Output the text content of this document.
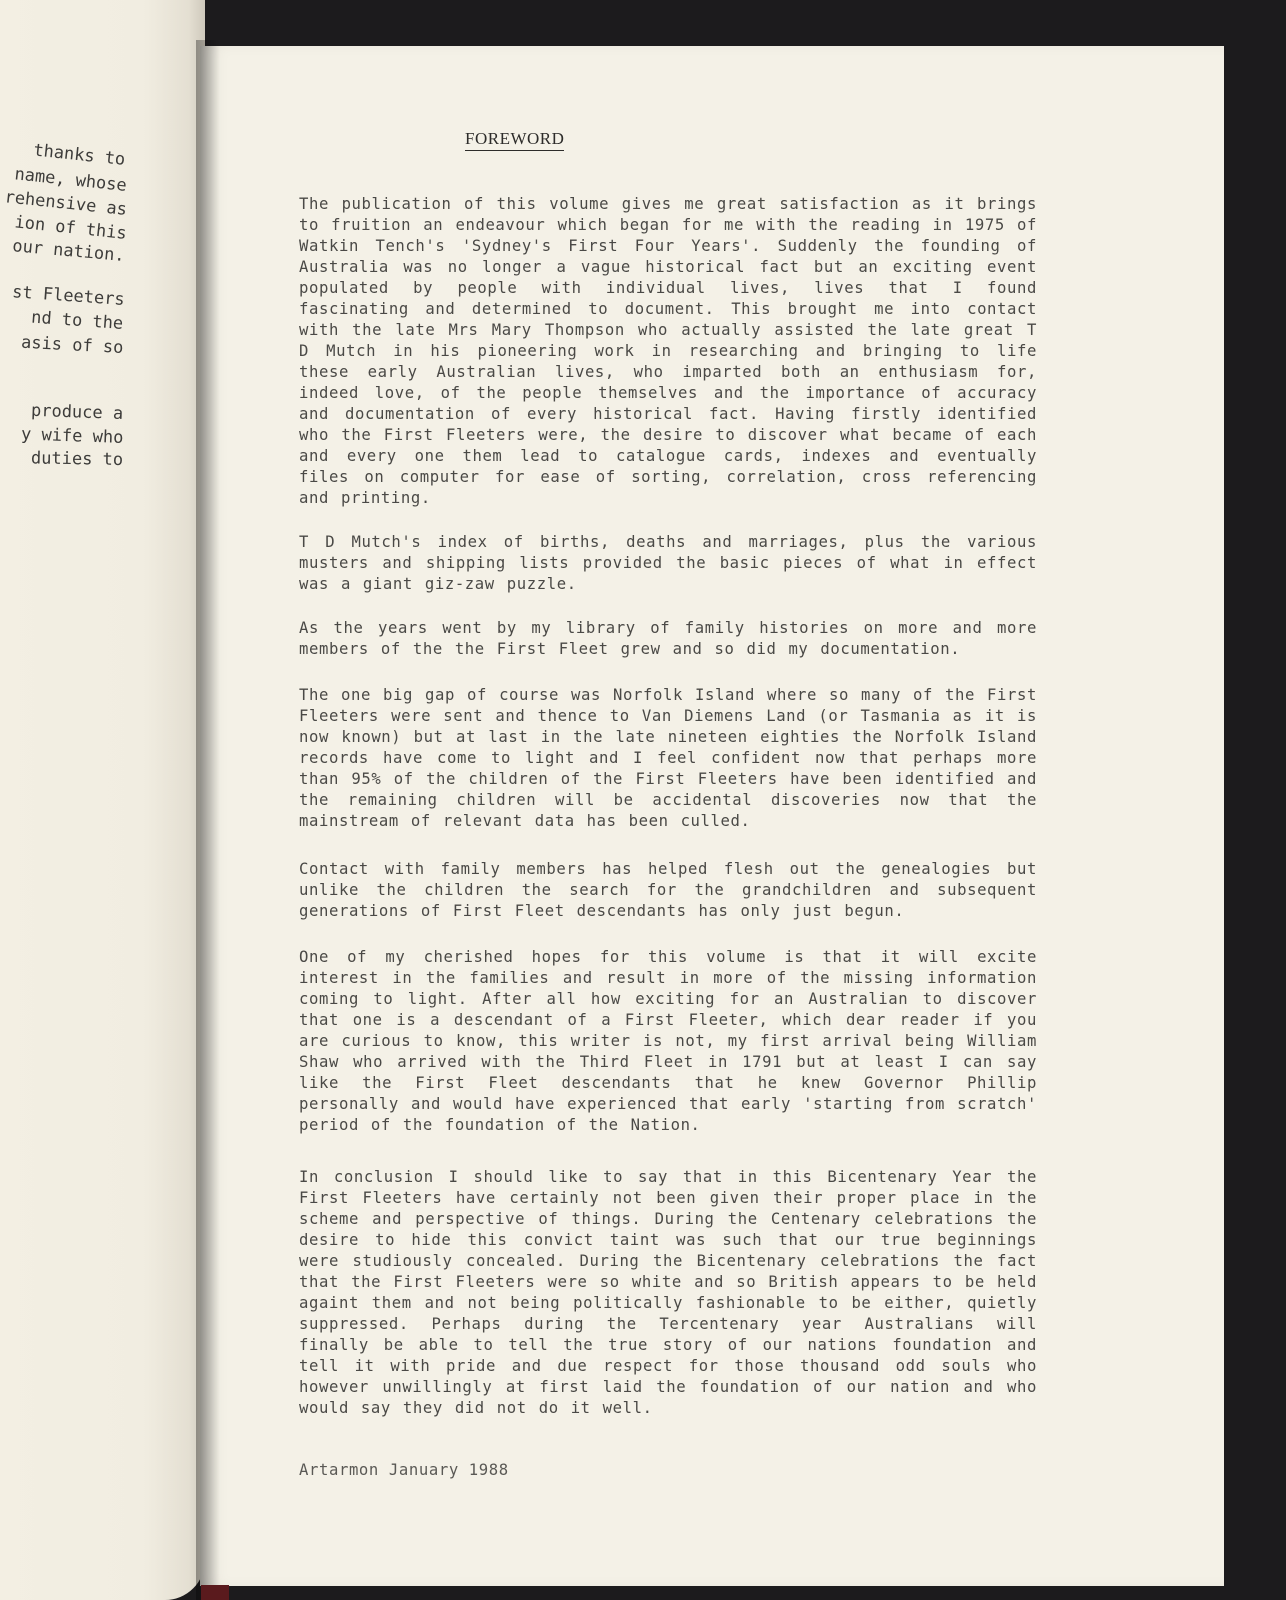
thanks to
name, whose
rehensive as
ion of this
our nation.
st Fleeters
nd to the
asis of so
produce a
y wife who
duties to
FOREWORD

The publication of this volume gives me great satisfaction as it brings to fruition an endeavour which began for me with the reading in 1975 of Watkin Tench's 'Sydney's First Four Years'. Suddenly the founding of Australia was no longer a vague historical fact but an exciting event populated by people with individual lives, lives that I found fascinating and determined to document. This brought me into contact with the late Mrs Mary Thompson who actually assisted the late great T D Mutch in his pioneering work in researching and bringing to life these early Australian lives, who imparted both an enthusiasm for, indeed love, of the people themselves and the importance of accuracy and documentation of every historical fact. Having firstly identified who the First Fleeters were, the desire to discover what became of each and every one them lead to catalogue cards, indexes and eventually files on computer for ease of sorting, correlation, cross referencing and printing.

T D Mutch's index of births, deaths and marriages, plus the various musters and shipping lists provided the basic pieces of what in effect was a giant giz-zaw puzzle.

As the years went by my library of family histories on more and more members of the the First Fleet grew and so did my documentation.

The one big gap of course was Norfolk Island where so many of the First Fleeters were sent and thence to Van Diemens Land (or Tasmania as it is now known) but at last in the late nineteen eighties the Norfolk Island records have come to light and I feel confident now that perhaps more than 95% of the children of the First Fleeters have been identified and the remaining children will be accidental discoveries now that the mainstream of relevant data has been culled.

Contact with family members has helped flesh out the genealogies but unlike the children the search for the grandchildren and subsequent generations of First Fleet descendants has only just begun.

One of my cherished hopes for this volume is that it will excite interest in the families and result in more of the missing information coming to light. After all how exciting for an Australian to discover that one is a descendant of a First Fleeter, which dear reader if you are curious to know, this writer is not, my first arrival being William Shaw who arrived with the Third Fleet in 1791 but at least I can say like the First Fleet descendants that he knew Governor Phillip personally and would have experienced that early 'starting from scratch' period of the foundation of the Nation.

In conclusion I should like to say that in this Bicentenary Year the First Fleeters have certainly not been given their proper place in the scheme and perspective of things. During the Centenary celebrations the desire to hide this convict taint was such that our true beginnings were studiously concealed. During the Bicentenary celebrations the fact that the First Fleeters were so white and so British appears to be held againt them and not being politically fashionable to be either, quietly suppressed. Perhaps during the Tercentenary year Australians will finally be able to tell the true story of our nations foundation and tell it with pride and due respect for those thousand odd souls who however unwillingly at first laid the foundation of our nation and who would say they did not do it well.

Artarmon January 1988
